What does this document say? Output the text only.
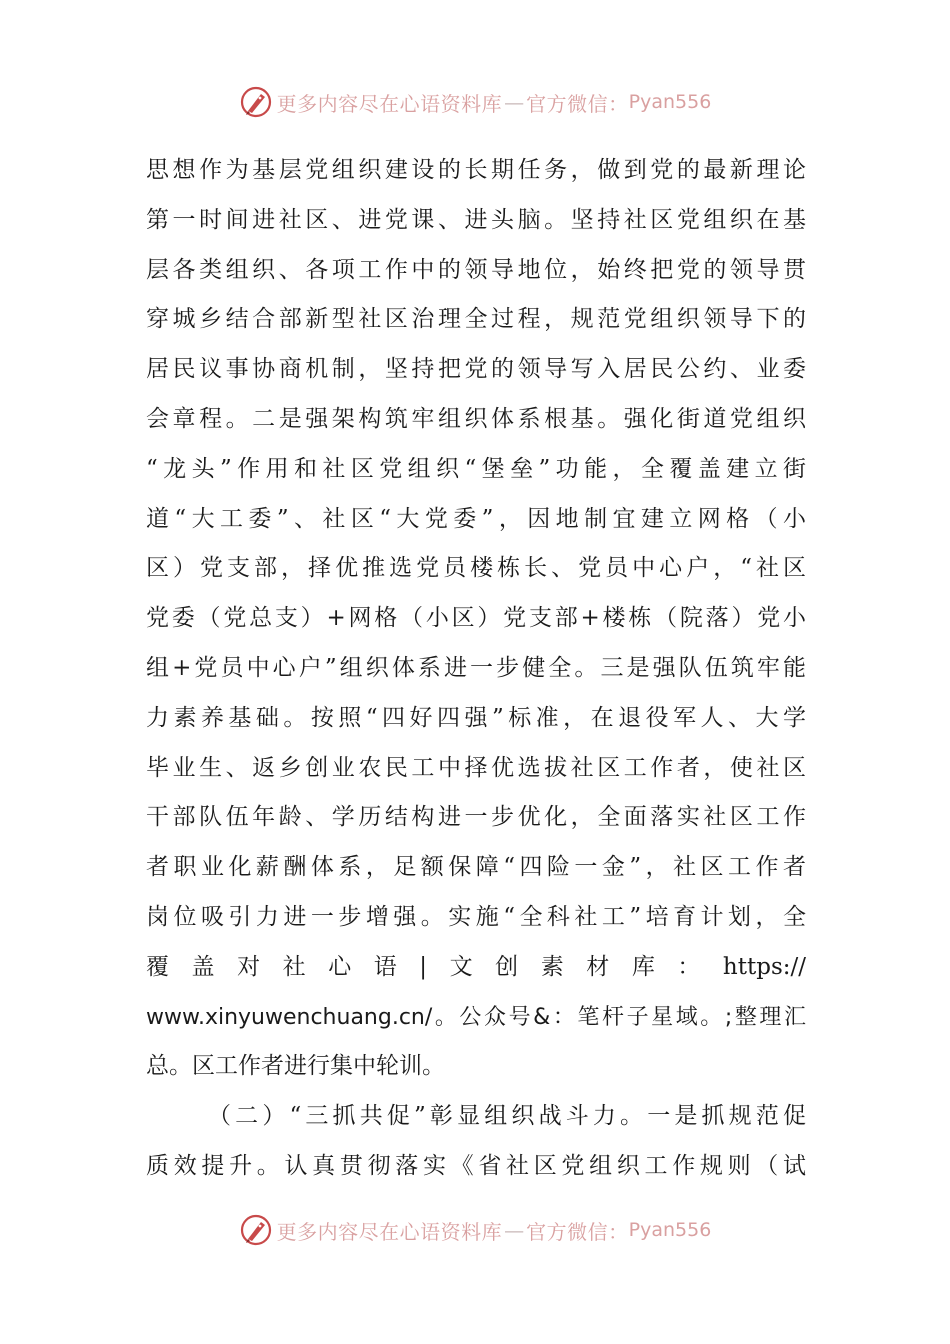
更多内容尽在心语资料库 — 官方微信： Pyan556
思想作为基层党组织建设的长期任务，做到党的最新理论
第一时间进社区、进党课、进头脑。坚持社区党组织在基
层各类组织、各项工作中的领导地位，始终把党的领导贯
穿城乡结合部新型社区治理全过程，规范党组织领导下的
居民议事协商机制，坚持把党的领导写入居民公约、业委
会章程。二是强架构筑牢组织体系根基。强化街道党组织
“龙头”作用和社区党组织“堡垒”功能，全覆盖建立街
道“大工委”、社区“大党委”，因地制宜建立网格（小
区）党支部，择优推选党员楼栋长、党员中心户，“社区
党委（党总支）+网格（小区）党支部+楼栋（院落）党小
组+党员中心户”组织体系进一步健全。三是强队伍筑牢能
力素养基础。按照“四好四强”标准，在退役军人、大学
毕业生、返乡创业农民工中择优选拔社区工作者，使社区
干部队伍年龄、学历结构进一步优化，全面落实社区工作
者职业化薪酬体系，足额保障“四险一金”，社区工作者
岗位吸引力进一步增强。实施“全科社工”培育计划，全
覆盖对社心语|文创素材库：https://
www.xinyuwenchuang.cn/。公众号&：笔杆子星域。;整理汇
总。区工作者进行集中轮训。
（二）“三抓共促”彰显组织战斗力。一是抓规范促
质效提升。认真贯彻落实《省社区党组织工作规则（试
更多内容尽在心语资料库 — 官方微信： Pyan556
